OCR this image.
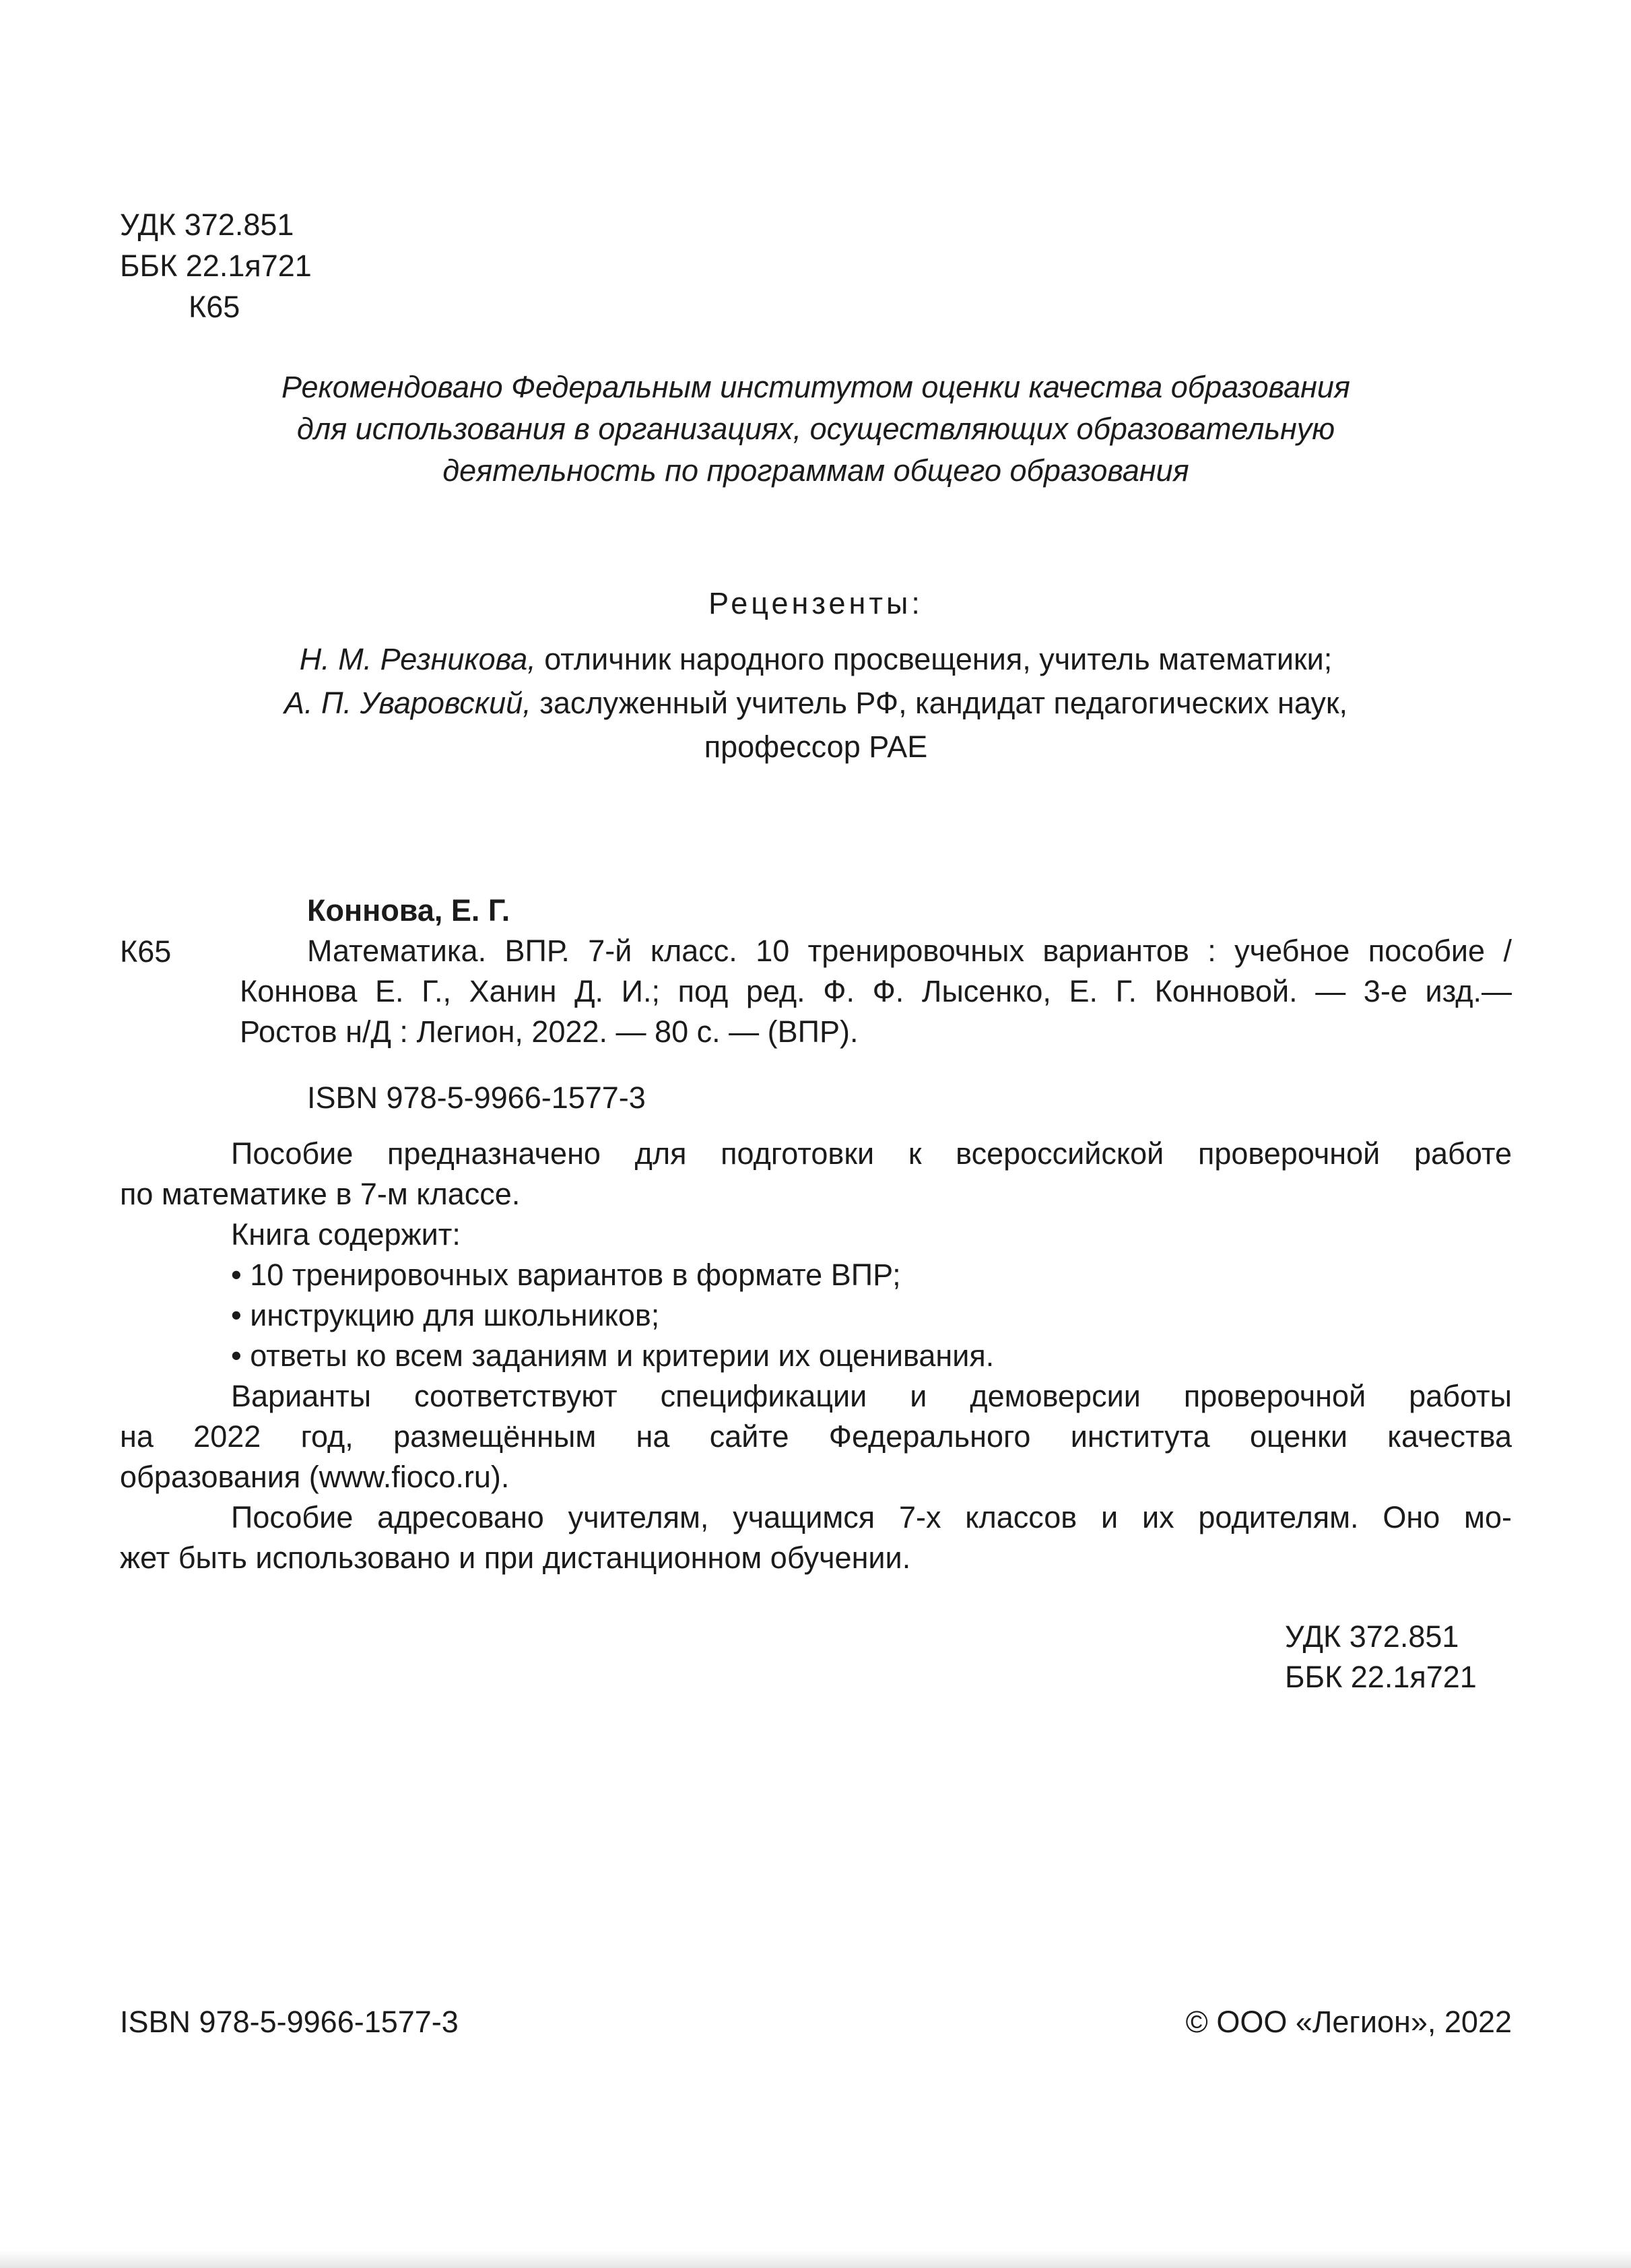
УДК 372.851
ББК 22.1я721
К65
Рекомендовано Федеральным институтом оценки качества образования
для использования в организациях, осуществляющих образовательную
деятельность по программам общего образования
Рецензенты:
Н. М. Резникова, отличник народного просвещения, учитель математики;
А. П. Уваровский, заслуженный учитель РФ, кандидат педагогических наук,
профессор РАЕ
К65
Коннова, Е. Г.
Математика. ВПР. 7-й класс. 10 тренировочных вариантов : учебное пособие /
Коннова Е. Г., Ханин Д. И.; под ред. Ф. Ф. Лысенко, Е. Г. Конновой. — 3-е изд.—
Ростов н/Д : Легион, 2022. — 80 с. — (ВПР).
ISBN 978-5-9966-1577-3
Пособие предназначено для подготовки к всероссийской проверочной работе
по математике в 7-м классе.
Книга содержит:
• 10 тренировочных вариантов в формате ВПР;
• инструкцию для школьников;
• ответы ко всем заданиям и критерии их оценивания.
Варианты соответствуют спецификации и демоверсии проверочной работы
на 2022 год, размещённым на сайте Федерального института оценки качества
образования (www.fioco.ru).
Пособие адресовано учителям, учащимся 7-х классов и их родителям. Оно мо-
жет быть использовано и при дистанционном обучении.
УДК 372.851
ББК 22.1я721
ISBN 978-5-9966-1577-3	© ООО «Легион», 2022
